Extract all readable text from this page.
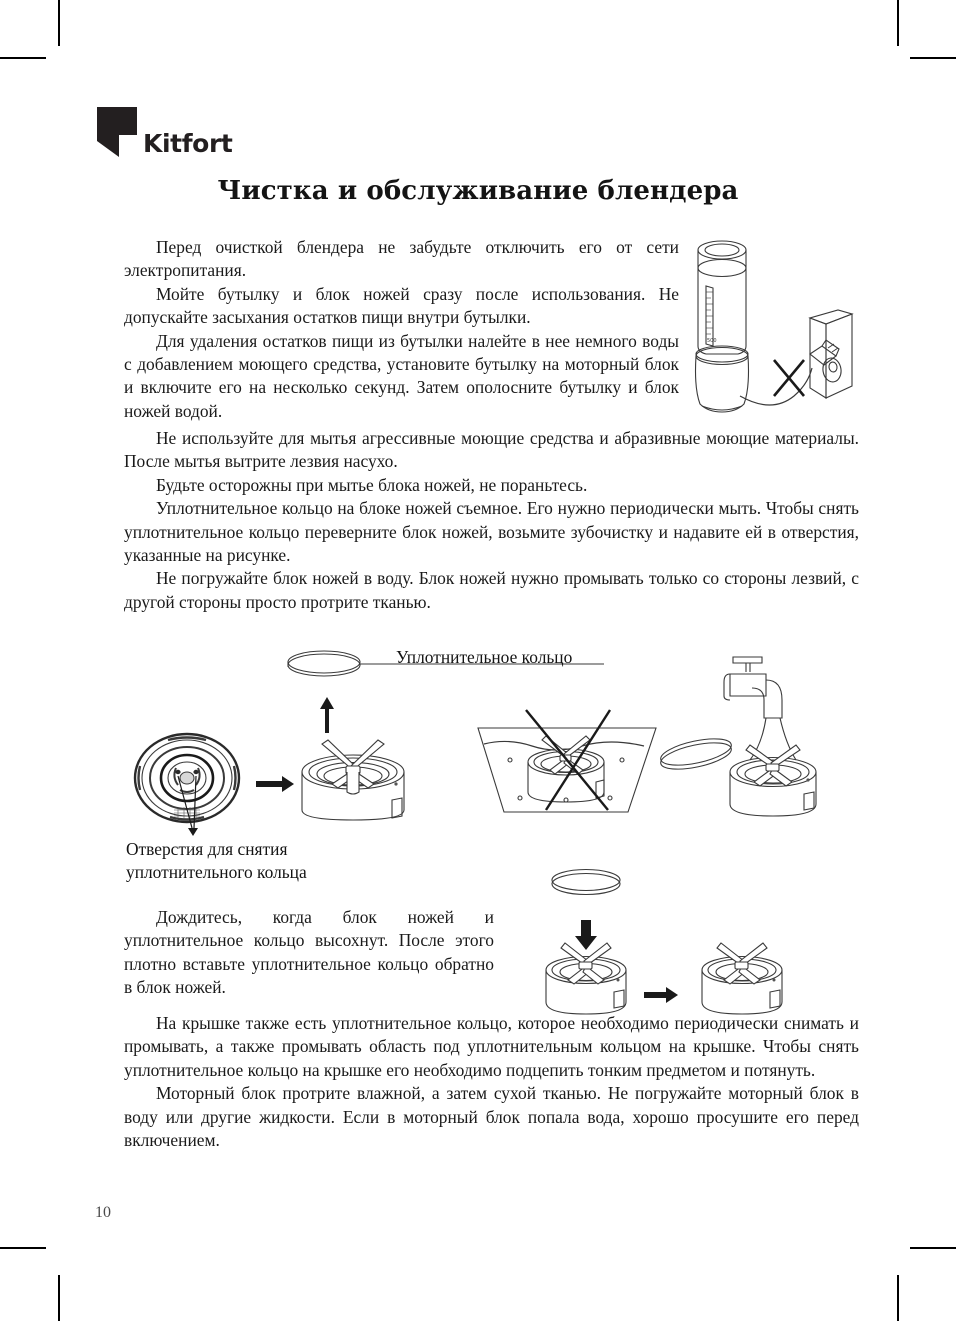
Kitfort
Чистка и обслуживание блендера
500

Перед очисткой блендера не забудьте отключить его от сети электропитания.

Мойте бутылку и блок ножей сразу после использования. Не допускайте засыхания остатков пищи внутри бутылки.

Для удаления остатков пищи из бутылки налейте в нее немного воды с добавлением моющего средства, установите бутылку на моторный блок и включите его на несколько секунд. Затем ополосните бутылку и блок ножей водой.

Не используйте для мытья агрессивные моющие средства и абразивные моющие материалы. После мытья вытрите лезвия насухо.

Будьте осторожны при мытье блока ножей, не пораньтесь.

Уплотнительное кольцо на блоке ножей съемное. Его нужно периодически мыть. Чтобы снять уплотнительное кольцо переверните блок ножей, возьмите зубочистку и надавите ей в отверстия, указанные на рисунке.

Не погружайте блок ножей в воду. Блок ножей нужно промывать только со стороны лезвий, с другой стороны просто протрите тканью.

Уплотнительное кольцо
Отверстия для снятия
уплотнительного кольца

Дождитесь, когда блок ножей и уплотнительное кольцо высохнут. После этого плотно вставьте уплотнительное кольцо обратно в блок ножей.

На крышке также есть уплотнительное кольцо, которое необходимо периодически снимать и промывать, а также промывать область под уплотнительным кольцом на крышке. Чтобы снять уплотнительное кольцо на крышке его необходимо подцепить тонким предметом и потянуть.

Моторный блок протрите влажной, а затем сухой тканью. Не погружайте моторный блок в воду или другие жидкости. Если в моторный блок попала вода, хорошо просушите его перед включением.

10
